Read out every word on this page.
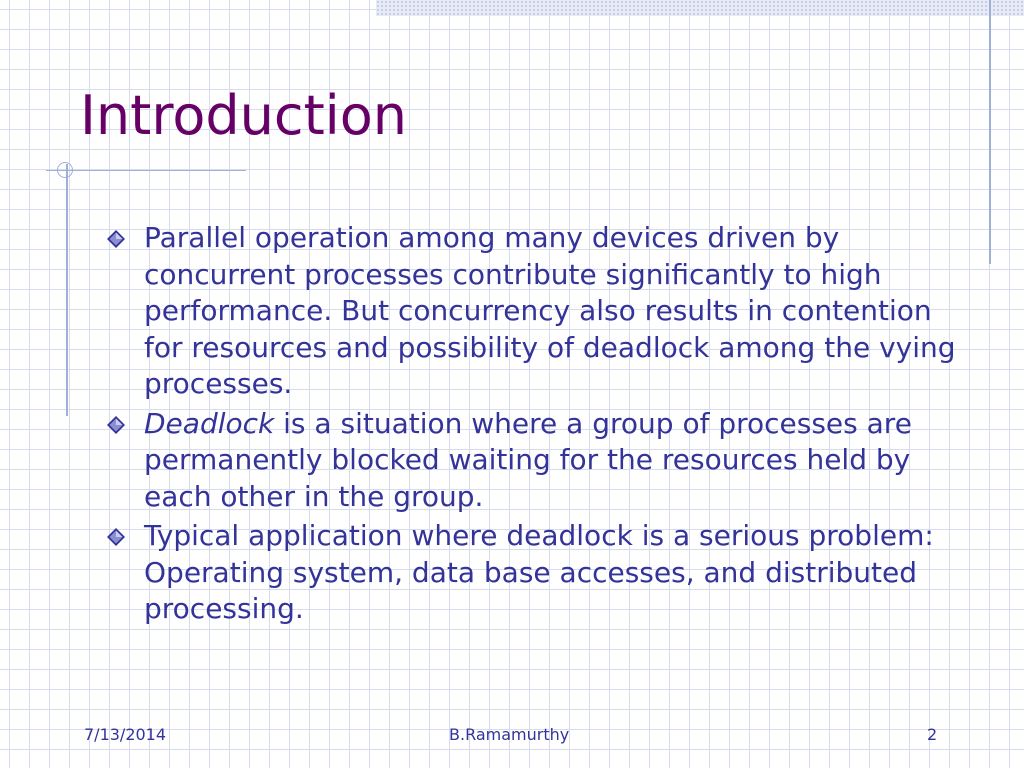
Introduction
Parallel operation among many devices driven by concurrent processes contribute significantly to high performance. But concurrency also results in contention for resources and possibility of deadlock among the vying processes.
Deadlock is a situation where a group of processes are permanently blocked waiting for the resources held by each other in the group.
Typical application where deadlock is a serious problem: Operating system, data base accesses, and distributed processing.
7/13/2014	B.Ramamurthy	2
